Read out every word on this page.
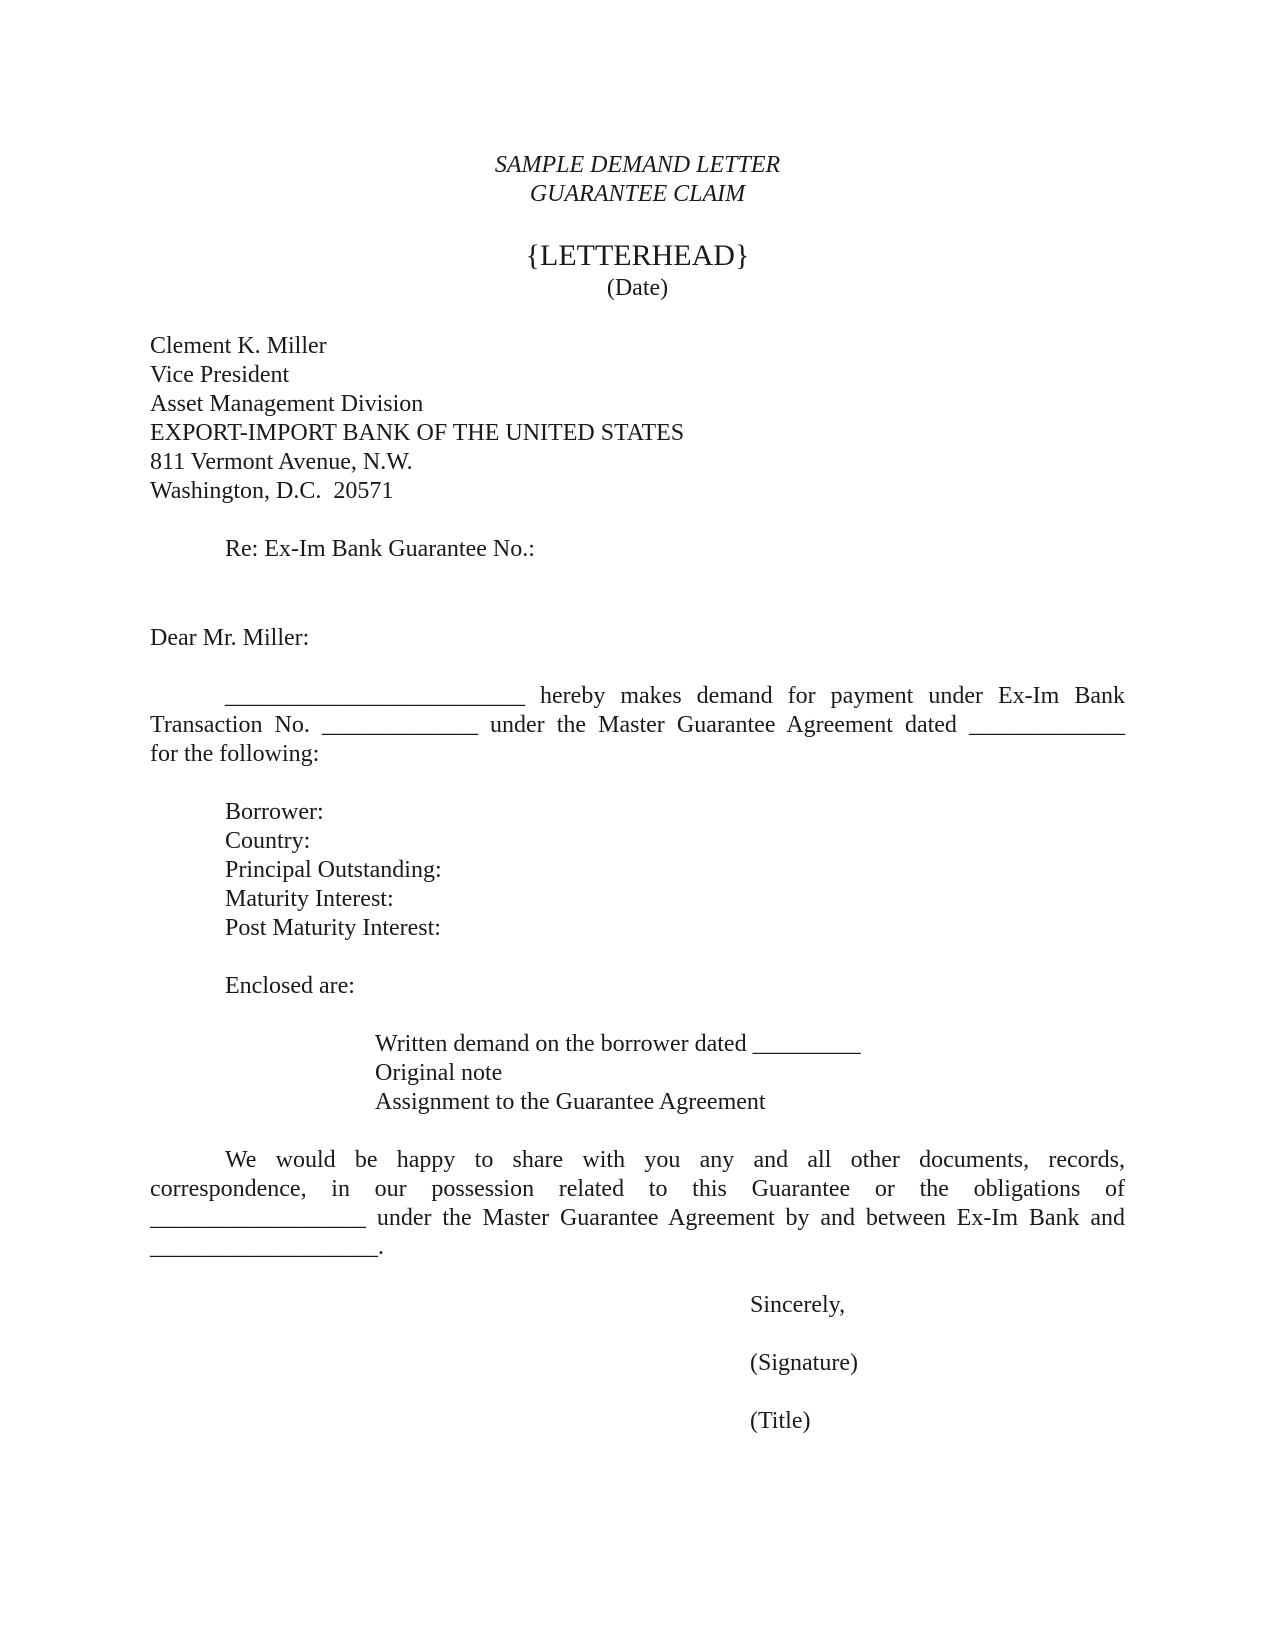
SAMPLE DEMAND LETTER
GUARANTEE CLAIM
{LETTERHEAD}
(Date)
Clement K. Miller
Vice President
Asset Management Division
EXPORT-IMPORT BANK OF THE UNITED STATES
811 Vermont Avenue, N.W.
Washington, D.C.  20571
Re: Ex-Im Bank Guarantee No.:
Dear Mr. Miller:
_________________________ hereby makes demand for payment under Ex-Im Bank
Transaction No. _____________ under the Master Guarantee Agreement dated _____________
for the following:
Borrower:
Country:
Principal Outstanding:
Maturity Interest:
Post Maturity Interest:
Enclosed are:
Written demand on the borrower dated _________
Original note
Assignment to the Guarantee Agreement
We would be happy to share with you any and all other documents, records,
correspondence, in our possession related to this Guarantee or the obligations of
__________________ under the Master Guarantee Agreement by and between Ex-Im Bank and
___________________.
Sincerely,
(Signature)
(Title)
